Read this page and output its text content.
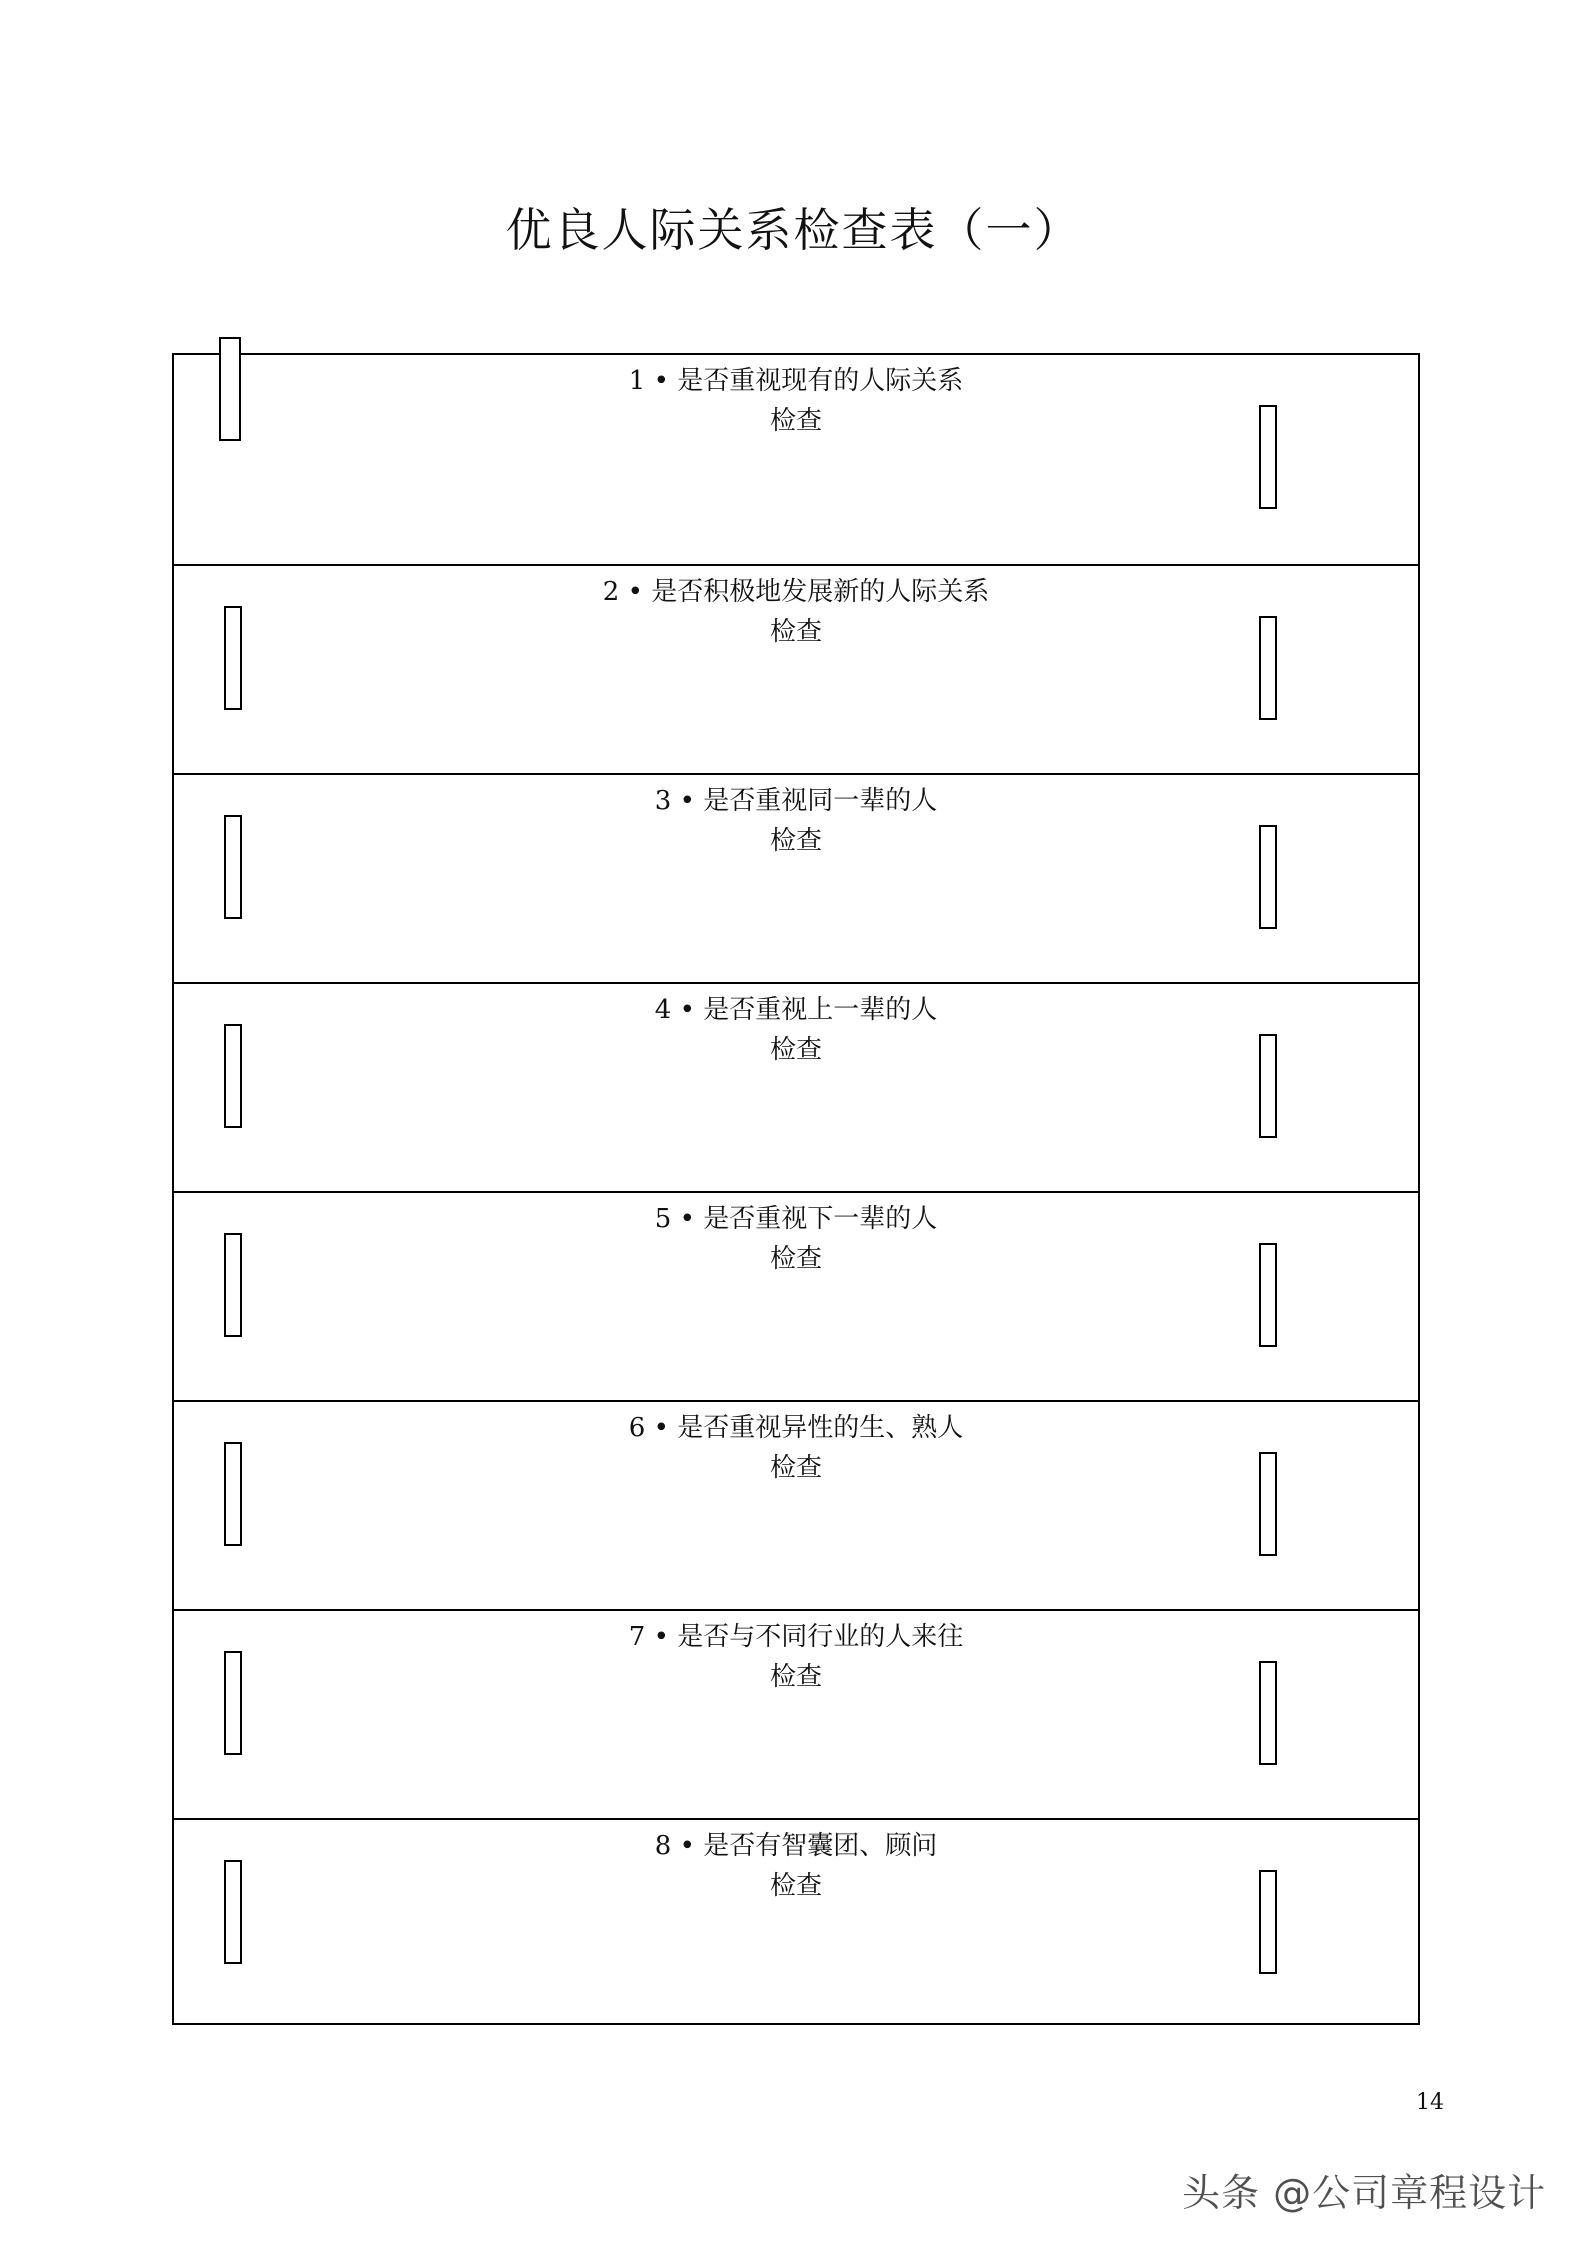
优良人际关系检查表（一）
1 • 是否重视现有的人际关系
检查
2 • 是否积极地发展新的人际关系
检查
3 • 是否重视同一辈的人
检查
4 • 是否重视上一辈的人
检查
5 • 是否重视下一辈的人
检查
6 • 是否重视异性的生、熟人
检查
7 • 是否与不同行业的人来往
检查
8 • 是否有智囊团、顾问
检查
14
头条 @公司章程设计
